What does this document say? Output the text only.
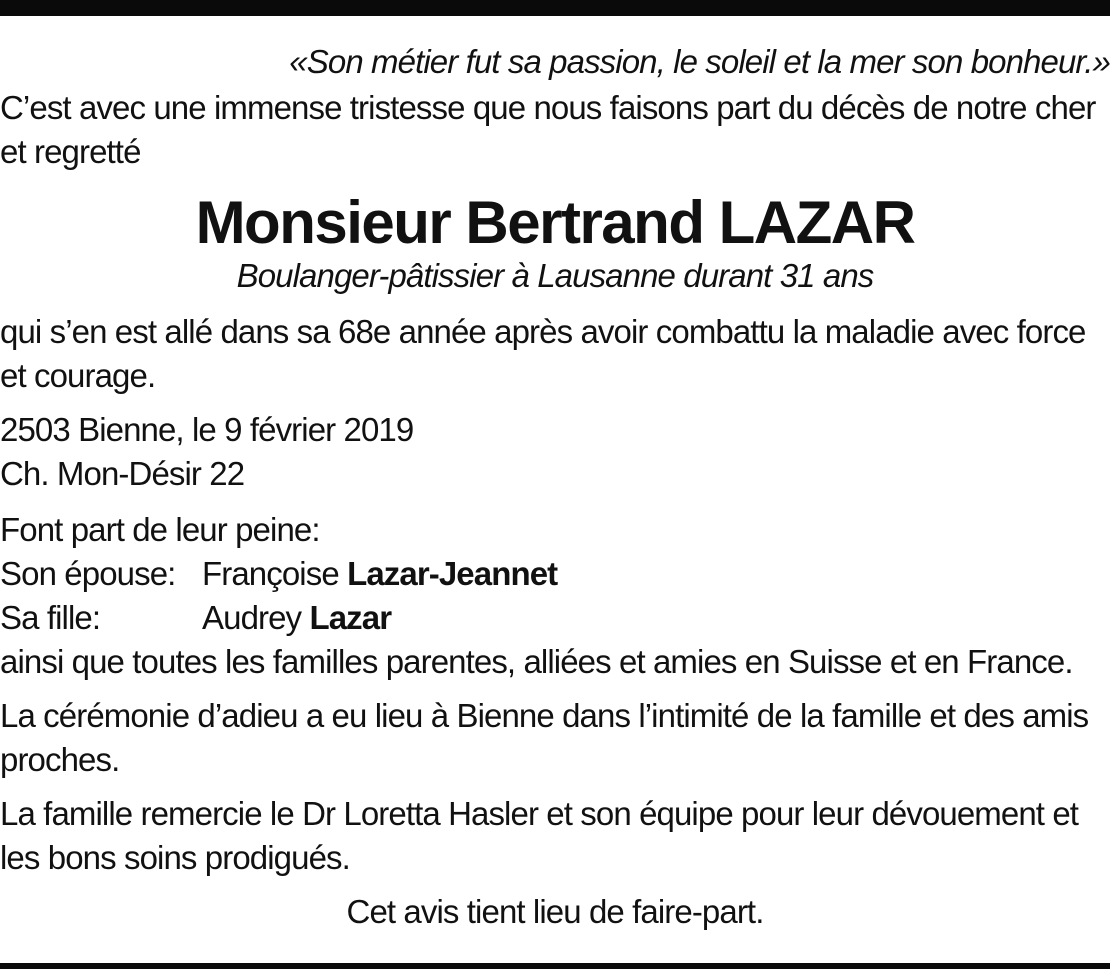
«Son métier fut sa passion, le soleil et la mer son bonheur.»

C’est avec une immense tristesse que nous faisons part du décès de notre cher et regretté

Monsieur Bertrand LAZAR
Boulanger-pâtissier à Lausanne durant 31 ans

qui s’en est allé dans sa 68e année après avoir combattu la maladie avec force et courage.

2503 Bienne, le 9 février 2019
Ch. Mon-Désir 22
Font part de leur peine:
Son épouse: Françoise Lazar-Jeannet
Sa fille:	Audrey Lazar
ainsi que toutes les familles parentes, alliées et amies en Suisse et en France.

La cérémonie d’adieu a eu lieu à Bienne dans l’intimité de la famille et des amis proches.

La famille remercie le Dr Loretta Hasler et son équipe pour leur dévouement et les bons soins prodigués.

Cet avis tient lieu de faire-part.
